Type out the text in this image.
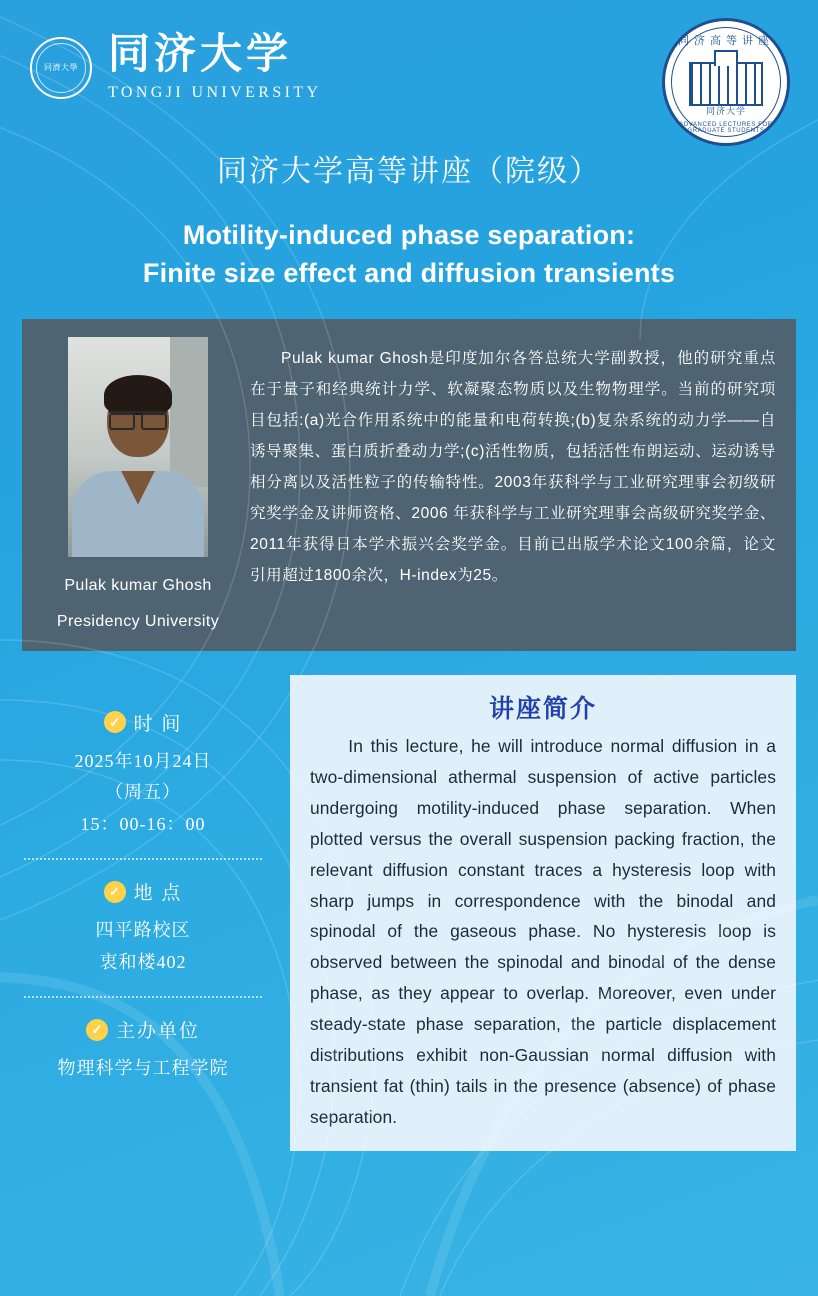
同濟大學 同济大学
TONGJI UNIVERSITY
同济高等讲座
同济大学
ADVANCED LECTURES FOR GRADUATE STUDENTS
同济大学高等讲座（院级）
Motility-induced phase separation:
Finite size effect and diffusion transients
Pulak kumar Ghosh
Presidency University
Pulak kumar Ghosh是印度加尔各答总统大学副教授，他的研究重点在于量子和经典统计力学、软凝聚态物质以及生物物理学。当前的研究项目包括:(a)光合作用系统中的能量和电荷转换;(b)复杂系统的动力学——自诱导聚集、蛋白质折叠动力学;(c)活性物质，包括活性布朗运动、运动诱导相分离以及活性粒子的传输特性。2003年获科学与工业研究理事会初级研究奖学金及讲师资格、2006 年获科学与工业研究理事会高级研究奖学金、2011年获得日本学术振兴会奖学金。目前已出版学术论文100余篇，论文引用超过1800余次，H-index为25。
✓ 时 间
2025年10月24日
（周五）
15：00-16：00
✓ 地 点
四平路校区
衷和楼402
✓ 主办单位
物理科学与工程学院
讲座简介
In this lecture, he will introduce normal diffusion in a two-dimensional athermal suspension of active particles undergoing motility-induced phase separation. When plotted versus the overall suspension packing fraction, the relevant diffusion constant traces a hysteresis loop with sharp jumps in correspondence with the binodal and spinodal of the gaseous phase. No hysteresis loop is observed between the spinodal and binodal of the dense phase, as they appear to overlap. Moreover, even under steady-state phase separation, the particle displacement distributions exhibit non-Gaussian normal diffusion with transient fat (thin) tails in the presence (absence) of phase separation.
